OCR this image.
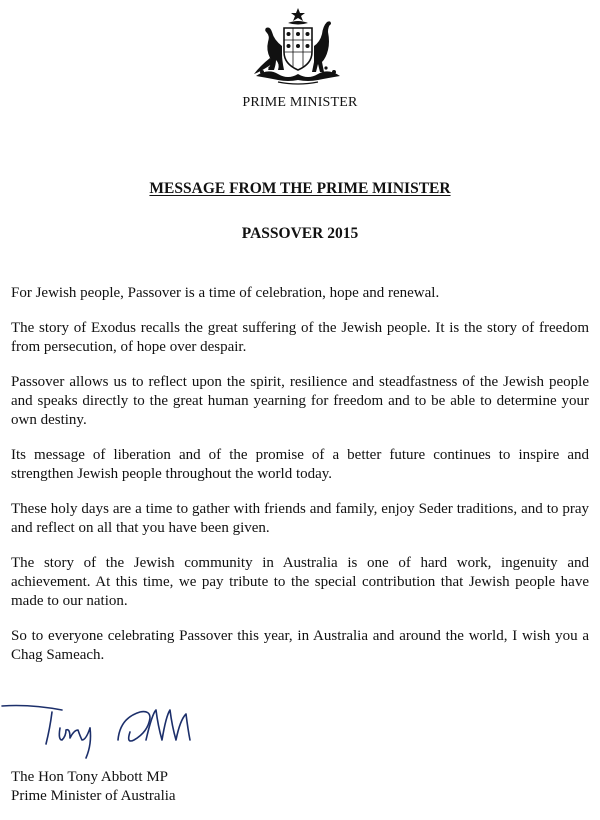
PRIME MINISTER
MESSAGE FROM THE PRIME MINISTER
PASSOVER 2015

For Jewish people, Passover is a time of celebration, hope and renewal.

The story of Exodus recalls the great suffering of the Jewish people. It is the story of freedom from persecution, of hope over despair.

Passover allows us to reflect upon the spirit, resilience and steadfastness of the Jewish people and speaks directly to the great human yearning for freedom and to be able to determine your own destiny.

Its message of liberation and of the promise of a better future continues to inspire and strengthen Jewish people throughout the world today.

These holy days are a time to gather with friends and family, enjoy Seder traditions, and to pray and reflect on all that you have been given.

The story of the Jewish community in Australia is one of hard work, ingenuity and achievement. At this time, we pay tribute to the special contribution that Jewish people have made to our nation.

So to everyone celebrating Passover this year, in Australia and around the world, I wish you a Chag Sameach.

The Hon Tony Abbott MP
Prime Minister of Australia
